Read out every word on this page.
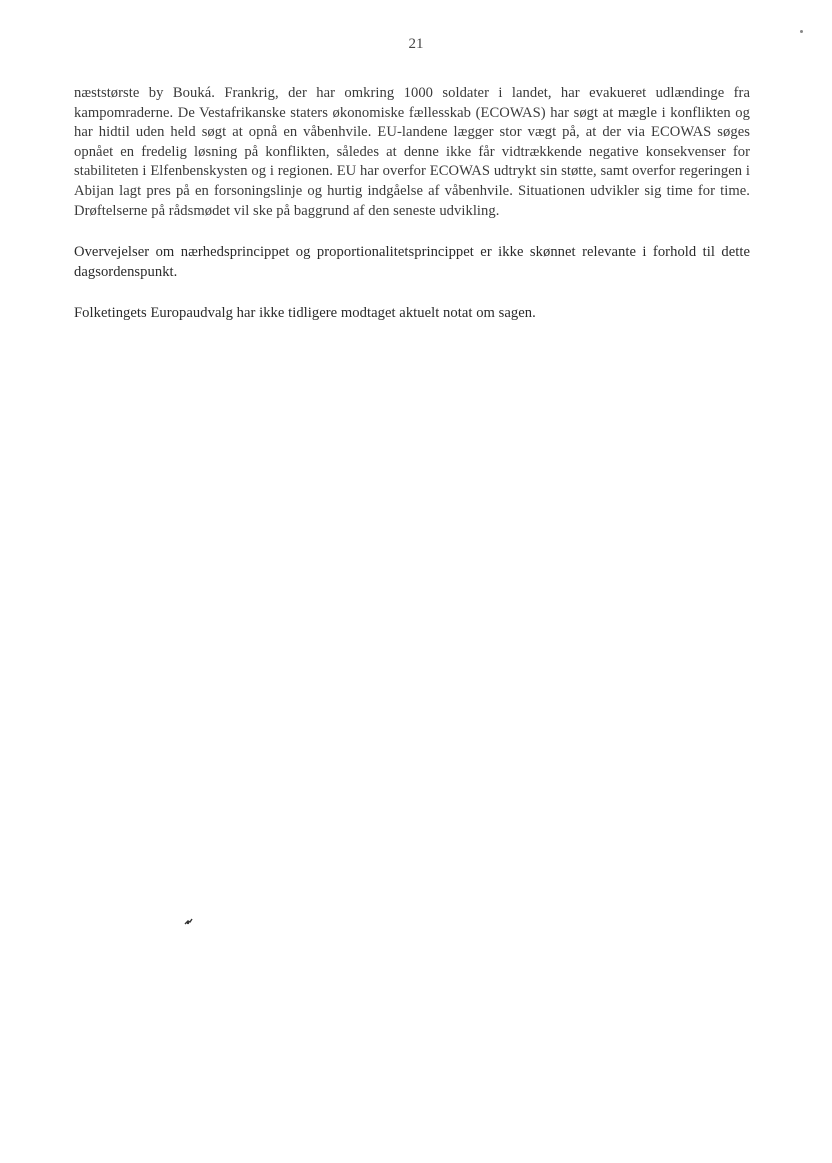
21

næststørste by Bouká. Frankrig, der har omkring 1000 soldater i landet, har evakueret udlændinge fra kampomraderne. De Vestafrikanske staters økonomiske fællesskab (ECOWAS) har søgt at mægle i konflikten og har hidtil uden held søgt at opnå en våbenhvile. EU-landene lægger stor vægt på, at der via ECOWAS søges opnået en fredelig løsning på konflikten, således at denne ikke får vidtrækkende negative konsekvenser for stabiliteten i Elfenbenskysten og i regionen. EU har overfor ECOWAS udtrykt sin støtte, samt overfor regeringen i Abijan lagt pres på en forsoningslinje og hurtig indgåelse af våbenhvile. Situationen udvikler sig time for time. Drøftelserne på rådsmødet vil ske på baggrund af den seneste udvikling.

Overvejelser om nærhedsprincippet og proportionalitetsprincippet er ikke skønnet relevante i forhold til dette dagsordenspunkt.

Folketingets Europaudvalg har ikke tidligere modtaget aktuelt notat om sagen.
